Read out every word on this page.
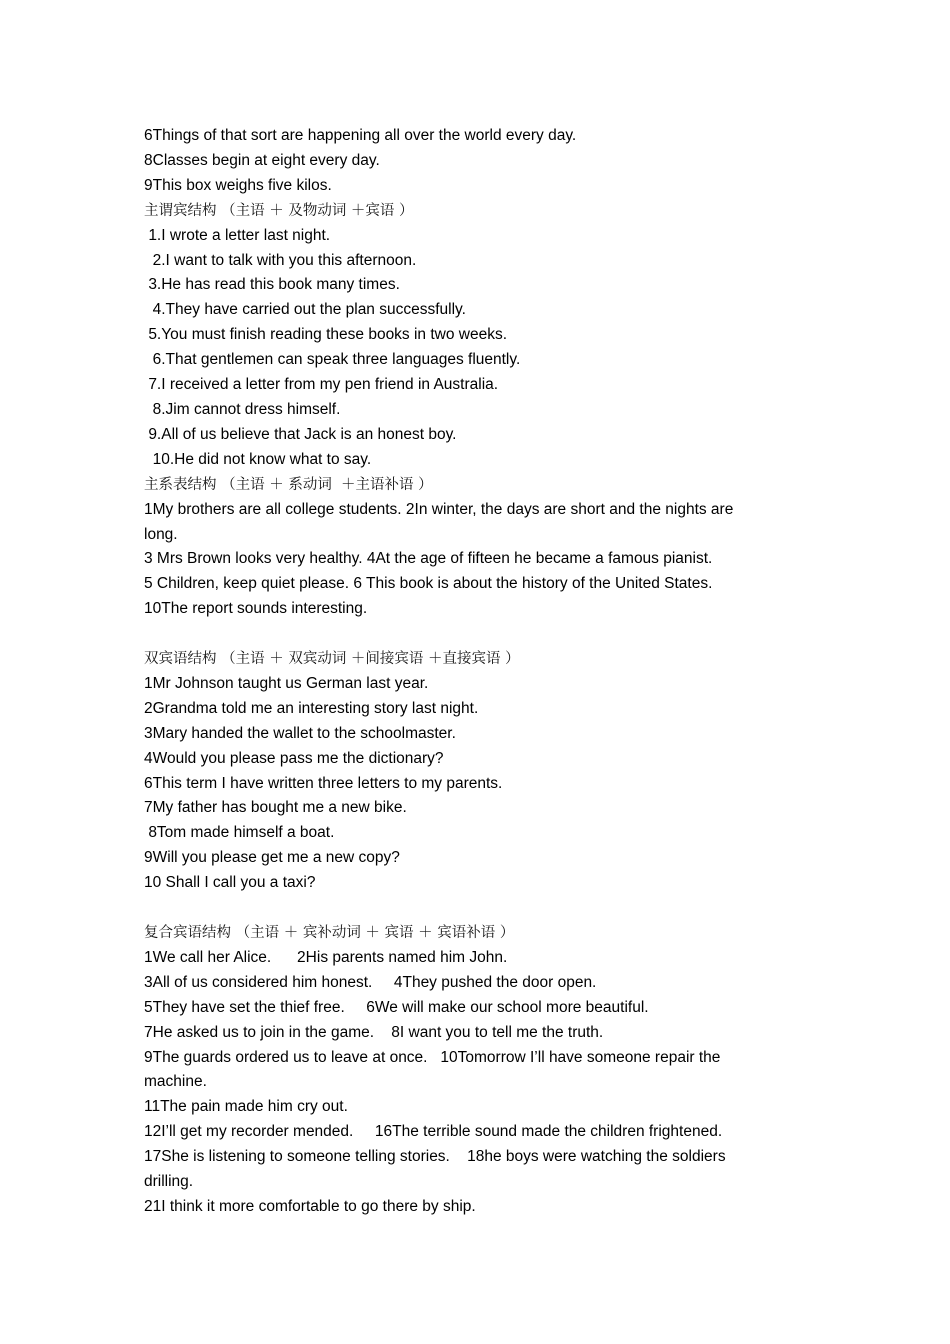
6Things of that sort are happening all over the world every day.
8Classes begin at eight every day.
9This box weighs five kilos.
主谓宾结构 （主语 ＋ 及物动词 ＋宾语 ）
1.I wrote a letter last night.
2.I want to talk with you this afternoon.
3.He has read this book many times.
4.They have carried out the plan successfully.
5.You must finish reading these books in two weeks.
6.That gentlemen can speak three languages fluently.
7.I received a letter from my pen friend in Australia.
8.Jim cannot dress himself.
9.All of us believe that Jack is an honest boy.
10.He did not know what to say.
主系表结构 （主语 ＋ 系动词  ＋主语补语 ）
1My brothers are all college students. 2In winter, the days are short and the nights are
long.
3 Mrs Brown looks very healthy. 4At the age of fifteen he became a famous pianist.
5 Children, keep quiet please. 6 This book is about the history of the United States.
10The report sounds interesting.
双宾语结构 （主语 ＋ 双宾动词 ＋间接宾语 ＋直接宾语 ）
1Mr Johnson taught us German last year.
2Grandma told me an interesting story last night.
3Mary handed the wallet to the schoolmaster.
4Would you please pass me the dictionary?
6This term I have written three letters to my parents.
7My father has bought me a new bike.
8Tom made himself a boat.
9Will you please get me a new copy?
10 Shall I call you a taxi?
复合宾语结构 （主语 ＋ 宾补动词 ＋ 宾语 ＋ 宾语补语 ）
1We call her Alice.      2His parents named him John.
3All of us considered him honest.     4They pushed the door open.
5They have set the thief free.     6We will make our school more beautiful.
7He asked us to join in the game.    8I want you to tell me the truth.
9The guards ordered us to leave at once.   10Tomorrow I’ll have someone repair the
machine.
11The pain made him cry out.
12I’ll get my recorder mended.     16The terrible sound made the children frightened.
17She is listening to someone telling stories.    18he boys were watching the soldiers
drilling.
21I think it more comfortable to go there by ship.
